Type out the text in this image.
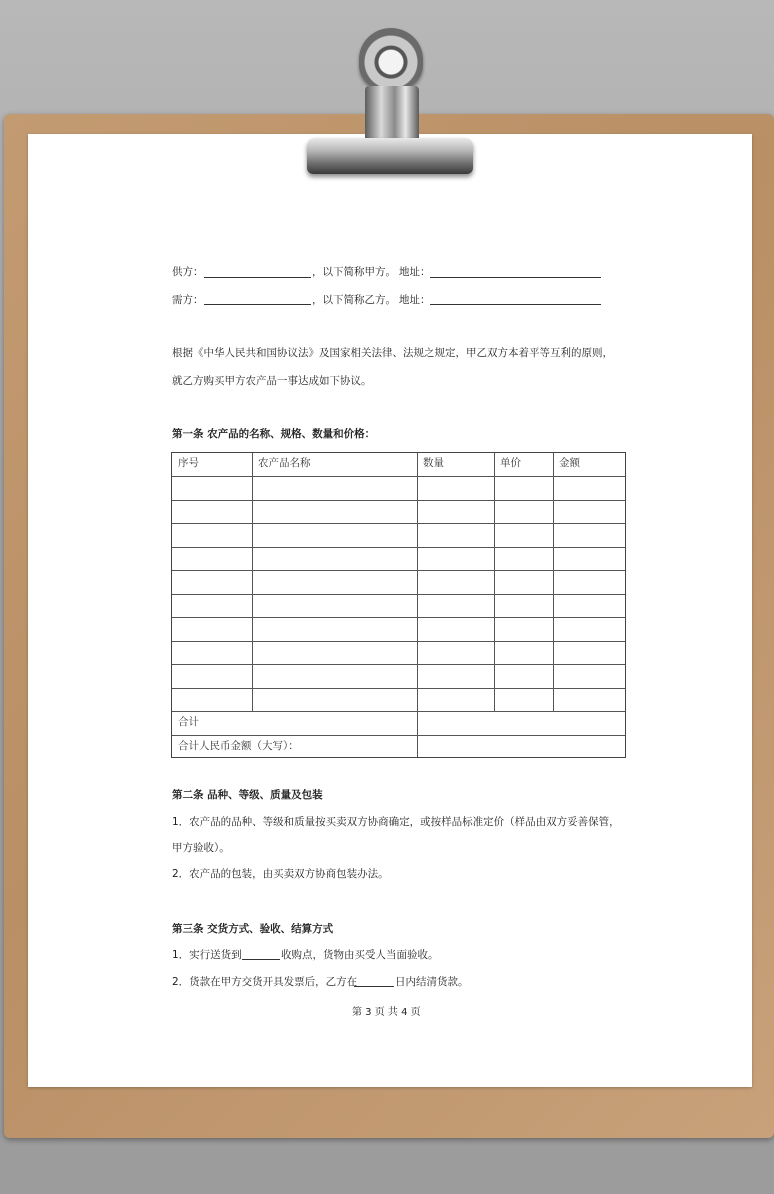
供方：	，以下简称甲方。 地址：
需方：	，以下简称乙方。 地址：
根据《中华人民共和国协议法》及国家相关法律、法规之规定，甲乙双方本着平等互利的原则，
就乙方购买甲方农产品一事达成如下协议。
第一条 农产品的名称、规格、数量和价格：
序号	农产品名称	数量	单价	金额
合计
合计人民币金额（大写）：
第二条 品种、等级、质量及包装
1．农产品的品种、等级和质量按买卖双方协商确定，或按样品标准定价（样品由双方妥善保管，
甲方验收）。
2．农产品的包装，由买卖双方协商包装办法。
第三条 交货方式、验收、结算方式
1．实行送货到	收购点，货物由买受人当面验收。
2．货款在甲方交货开具发票后，乙方在	日内结清货款。
第 3 页 共 4 页
